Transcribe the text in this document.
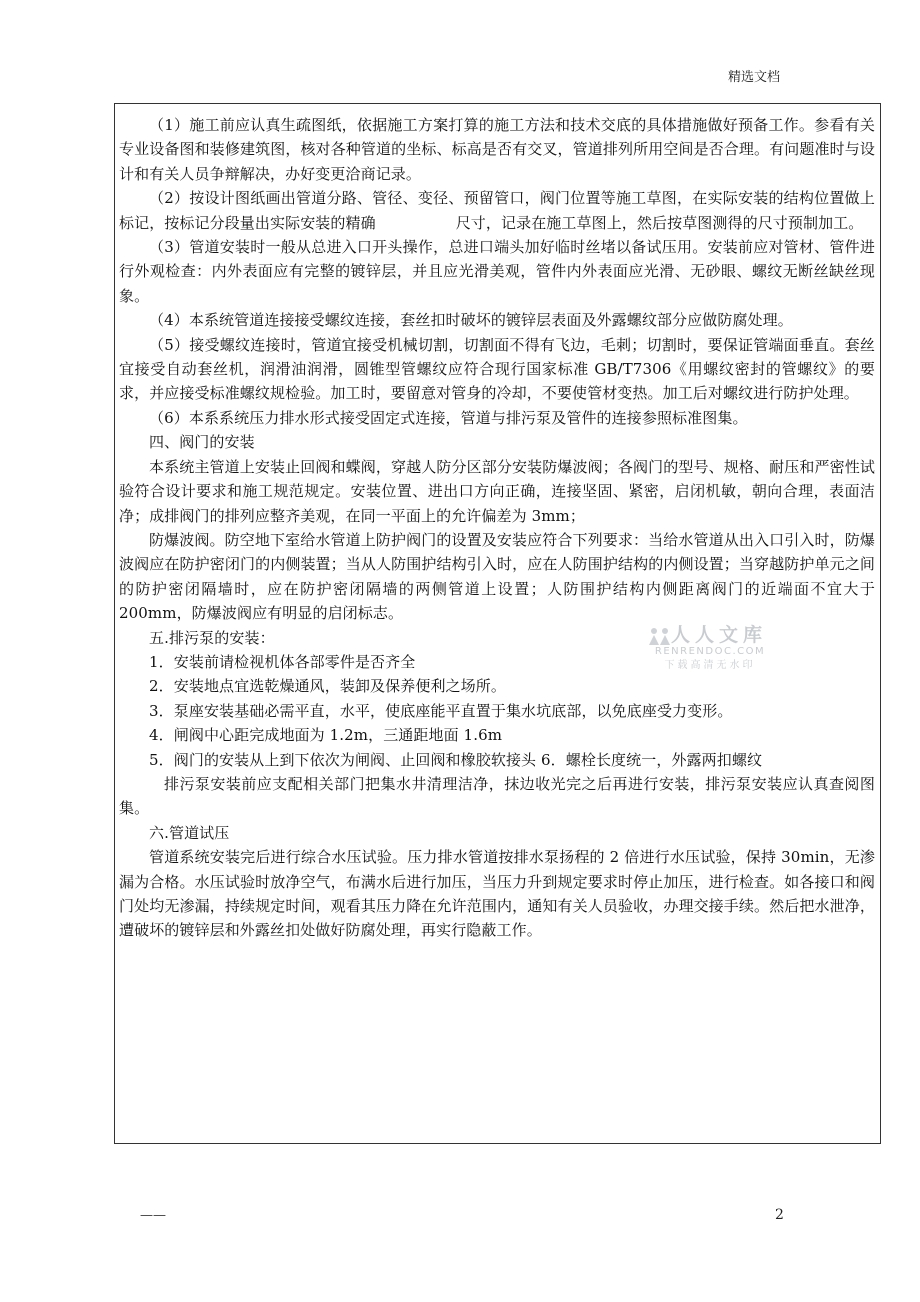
精选文档

（1）施工前应认真生疏图纸，依据施工方案打算的施工方法和技术交底的具体措施做好预备工作。参看有关专业设备图和装修建筑图，核对各种管道的坐标、标高是否有交叉，管道排列所用空间是否合理。有问题准时与设计和有关人员争辩解决，办好变更洽商记录。

（2）按设计图纸画出管道分路、管径、变径、预留管口，阀门位置等施工草图，在实际安装的结构位置做上标记，按标记分段量出实际安装的精确	尺寸，记录在施工草图上，然后按草图测得的尺寸预制加工。

（3）管道安装时一般从总进入口开头操作，总进口端头加好临时丝堵以备试压用。安装前应对管材、管件进行外观检查：内外表面应有完整的镀锌层，并且应光滑美观，管件内外表面应光滑、无砂眼、螺纹无断丝缺丝现象。

（4）本系统管道连接接受螺纹连接，套丝扣时破坏的镀锌层表面及外露螺纹部分应做防腐处理。

（5）接受螺纹连接时，管道宜接受机械切割，切割面不得有飞边，毛刺；切割时，要保证管端面垂直。套丝宜接受自动套丝机，润滑油润滑，圆锥型管螺纹应符合现行国家标准 GB/T7306《用螺纹密封的管螺纹》的要求，并应接受标准螺纹规检验。加工时，要留意对管身的冷却，不要使管材变热。加工后对螺纹进行防护处理。

（6）本系系统压力排水形式接受固定式连接，管道与排污泵及管件的连接参照标准图集。

四、阀门的安装

本系统主管道上安装止回阀和蝶阀，穿越人防分区部分安装防爆波阀；各阀门的型号、规格、耐压和严密性试验符合设计要求和施工规范规定。安装位置、进出口方向正确，连接坚固、紧密，启闭机敏，朝向合理，表面洁净；成排阀门的排列应整齐美观，在同一平面上的允许偏差为 3mm；

防爆波阀。防空地下室给水管道上防护阀门的设置及安装应符合下列要求：当给水管道从出入口引入时，防爆波阀应在防护密闭门的内侧装置；当从人防围护结构引入时，应在人防围护结构的内侧设置；当穿越防护单元之间的防护密闭隔墙时，应在防护密闭隔墙的两侧管道上设置；人防围护结构内侧距离阀门的近端面不宜大于 200mm，防爆波阀应有明显的启闭标志。

五.排污泵的安装：

1．安装前请检视机体各部零件是否齐全

2．安装地点宜选乾燥通风，装卸及保养便利之场所。

3．泵座安装基础必需平直，水平，使底座能平直置于集水坑底部，以免底座受力变形。

4．闸阀中心距完成地面为 1.2m，三通距地面 1.6m

5．阀门的安装从上到下依次为闸阀、止回阀和橡胶软接头 6．螺栓长度统一，外露两扣螺纹

排污泵安装前应支配相关部门把集水井清理洁净，抹边收光完之后再进行安装，排污泵安装应认真查阅图集。

六.管道试压

管道系统安装完后进行综合水压试验。压力排水管道按排水泵扬程的 2 倍进行水压试验，保持 30min，无渗漏为合格。水压试验时放净空气，布满水后进行加压，当压力升到规定要求时停止加压，进行检查。如各接口和阀门处均无渗漏，持续规定时间，观看其压力降在允许范围内，通知有关人员验收，办理交接手续。然后把水泄净，遭破坏的镀锌层和外露丝扣处做好防腐处理，再实行隐蔽工作。

人人文库
RENRENDOC.COM
下载高清无水印
——	2
